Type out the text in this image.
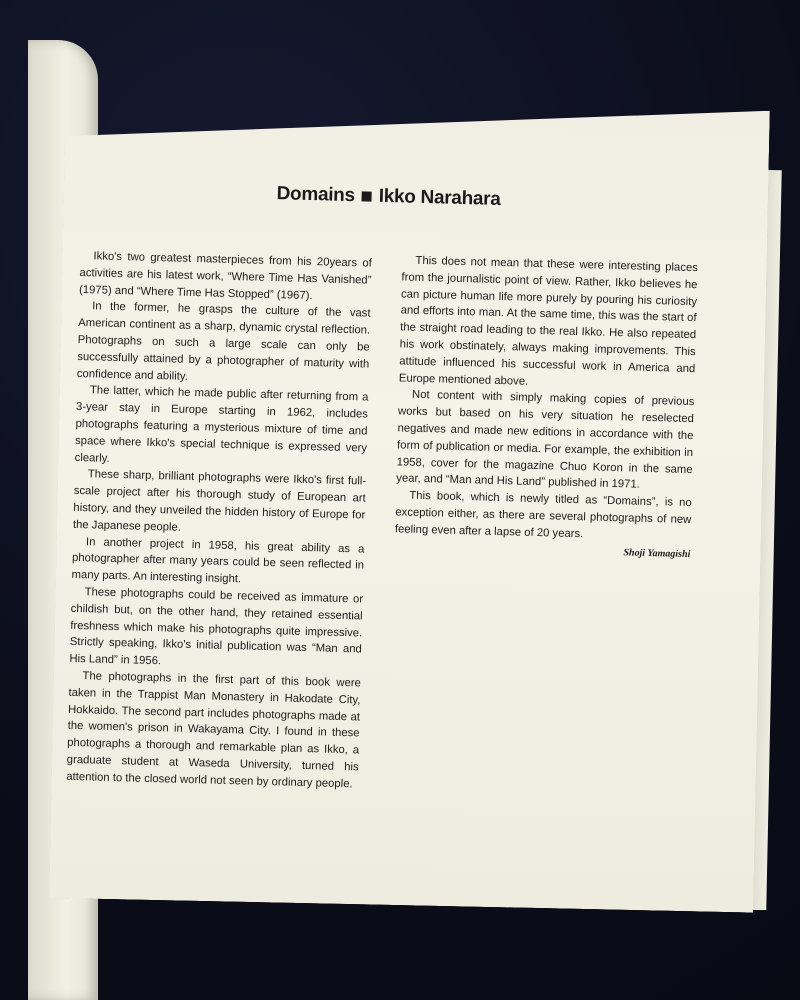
Domains Ikko Narahara

Ikko's two greatest masterpieces from his 20years of activities are his latest work, “Where Time Has Vanished” (1975) and “Where Time Has Stopped” (1967).

In the former, he grasps the culture of the vast American continent as a sharp, dynamic crystal reflection. Photographs on such a large scale can only be successfully attained by a photographer of maturity with confidence and ability.

The latter, which he made public after returning from a 3-year stay in Europe starting in 1962, includes photographs featuring a mysterious mixture of time and space where Ikko's special technique is expressed very clearly.

These sharp, brilliant photographs were Ikko's first full-scale project after his thorough study of European art history, and they unveiled the hidden history of Europe for the Japanese people.

In another project in 1958, his great ability as a photographer after many years could be seen reflected in many parts. An interesting insight.

These photographs could be received as immature or childish but, on the other hand, they retained essential freshness which make his photographs quite impressive. Strictly speaking, Ikko's initial publication was “Man and His Land” in 1956.

The photographs in the first part of this book were taken in the Trappist Man Monastery in Hakodate City, Hokkaido. The second part includes photographs made at the women's prison in Wakayama City. I found in these photographs a thorough and remarkable plan as Ikko, a graduate student at Waseda University, turned his attention to the closed world not seen by ordinary people.

This does not mean that these were interesting places from the journalistic point of view. Rather, Ikko believes he can picture human life more purely by pouring his curiosity and efforts into man. At the same time, this was the start of the straight road leading to the real Ikko. He also repeated his work obstinately, always making improvements. This attitude influenced his successful work in America and Europe mentioned above.

Not content with simply making copies of previous works but based on his very situation he reselected negatives and made new editions in accordance with the form of publication or media. For example, the exhibition in 1958, cover for the magazine Chuo Koron in the same year, and “Man and His Land” published in 1971.

This book, which is newly titled as “Domains”, is no exception either, as there are several photographs of new feeling even after a lapse of 20 years.

Shoji Yamagishi
